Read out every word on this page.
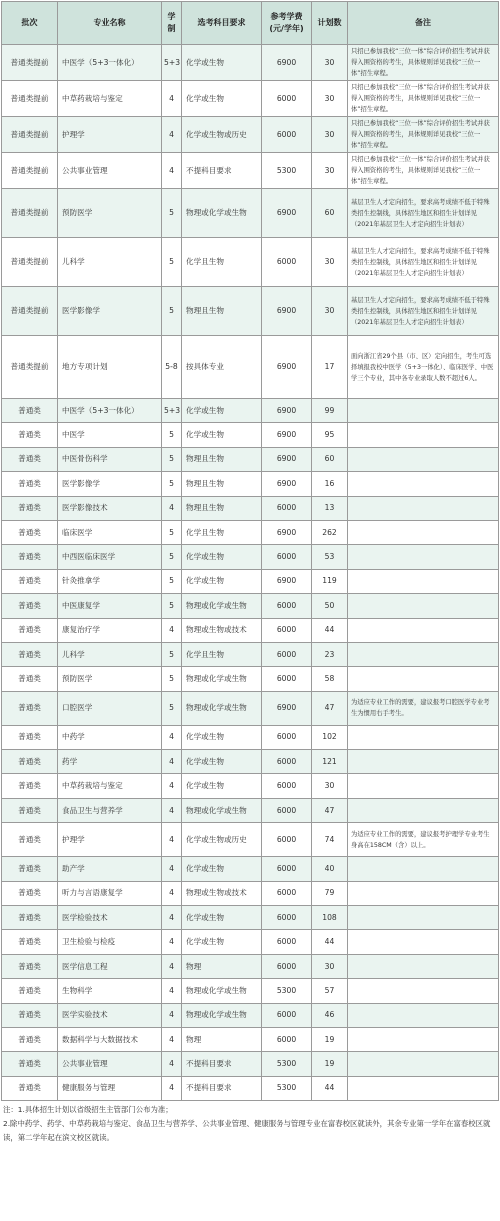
批次	专业名称	学制	选考科目要求	参考学费(元/学年)	计划数	备注
普通类提前	中医学（5+3一体化）	5+3	化学或生物	6900	30	只招已参加我校“三位一体”综合评价招生考试并获得入围资格的考生，具体规则详见我校“三位一体”招生章程。
普通类提前	中草药栽培与鉴定	4	化学或生物	6000	30	只招已参加我校“三位一体”综合评价招生考试并获得入围资格的考生，具体规则详见我校“三位一体”招生章程。
普通类提前	护理学	4	化学或生物或历史	6000	30	只招已参加我校“三位一体”综合评价招生考试并获得入围资格的考生，具体规则详见我校“三位一体”招生章程。
普通类提前	公共事业管理	4	不提科目要求	5300	30	只招已参加我校“三位一体”综合评价招生考试并获得入围资格的考生，具体规则详见我校“三位一体”招生章程。
普通类提前	预防医学	5	物理或化学或生物	6900	60	基层卫生人才定向招生，要求高考成绩不低于特殊类招生控制线，具体招生地区和招生计划详见（2021年基层卫生人才定向招生计划表）
普通类提前	儿科学	5	化学且生物	6000	30	基层卫生人才定向招生，要求高考成绩不低于特殊类招生控制线，具体招生地区和招生计划详见（2021年基层卫生人才定向招生计划表）
普通类提前	医学影像学	5	物理且生物	6900	30	基层卫生人才定向招生，要求高考成绩不低于特殊类招生控制线，具体招生地区和招生计划详见（2021年基层卫生人才定向招生计划表）
普通类提前	地方专项计划	5-8	按具体专业	6900	17	面向浙江省29个县（市、区）定向招生，考生可选择填报我校中医学（5+3一体化）、临床医学、中医学三个专业，其中各专业录取人数不超过6人。
普通类	中医学（5+3一体化）	5+3	化学或生物	6900	99	
普通类	中医学	5	化学或生物	6900	95	
普通类	中医骨伤科学	5	物理且生物	6900	60	
普通类	医学影像学	5	物理且生物	6900	16	
普通类	医学影像技术	4	物理且生物	6000	13	
普通类	临床医学	5	化学且生物	6900	262	
普通类	中西医临床医学	5	化学或生物	6000	53	
普通类	针灸推拿学	5	化学或生物	6900	119	
普通类	中医康复学	5	物理或化学或生物	6000	50	
普通类	康复治疗学	4	物理或生物或技术	6000	44	
普通类	儿科学	5	化学且生物	6000	23	
普通类	预防医学	5	物理或化学或生物	6000	58	
普通类	口腔医学	5	物理或化学或生物	6900	47	为适应专业工作的需要，建议报考口腔医学专业考生为惯用右手考生。
普通类	中药学	4	化学或生物	6000	102	
普通类	药学	4	化学或生物	6000	121	
普通类	中草药栽培与鉴定	4	化学或生物	6000	30	
普通类	食品卫生与营养学	4	物理或化学或生物	6000	47	
普通类	护理学	4	化学或生物或历史	6000	74	为适应专业工作的需要，建议报考护理学专业考生身高在158CM（含）以上。
普通类	助产学	4	化学或生物	6000	40	
普通类	听力与言语康复学	4	物理或生物或技术	6000	79	
普通类	医学检验技术	4	化学或生物	6000	108	
普通类	卫生检验与检疫	4	化学或生物	6000	44	
普通类	医学信息工程	4	物理	6000	30	
普通类	生物科学	4	物理或化学或生物	5300	57	
普通类	医学实验技术	4	物理或化学或生物	6000	46	
普通类	数据科学与大数据技术	4	物理	6000	19	
普通类	公共事业管理	4	不提科目要求	5300	19	
普通类	健康服务与管理	4	不提科目要求	5300	44	
注：1.具体招生计划以省级招生主管部门公布为准；
2.除中药学、药学、中草药栽培与鉴定、食品卫生与营养学、公共事业管理、健康服务与管理专业在富春校区就读外，其余专业第一学年在富春校区就读，第二学年起在滨文校区就读。
